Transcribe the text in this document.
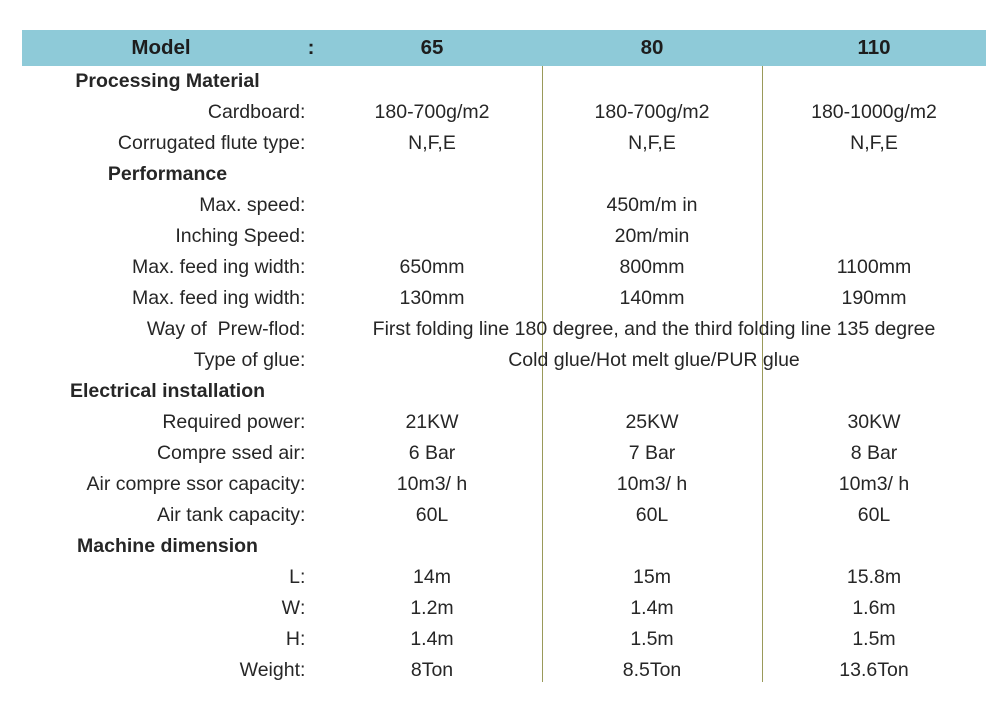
Model	:	65	80	110
Processing Material				
Cardboard	:	180-700g/m2	180-700g/m2	180-1000g/m2
Corrugated flute type	:	N,F,E	N,F,E	N,F,E
Performance				
Max. speed	:		450m/m in	
Inching Speed	:		20m/min	
Max. feed ing width	:	650mm	800mm	1100mm
Max. feed ing width	:	130mm	140mm	190mm
Way of  Prew-flod	:	First folding line 180 degree, and the third folding line 135 degree		
Type of glue	:	Cold glue/Hot melt glue/PUR glue		
Electrical installation				
Required power	:	21KW	25KW	30KW
Compre ssed air	:	6 Bar	7 Bar	8 Bar
Air compre ssor capacity	:	10m3/ h	10m3/ h	10m3/ h
Air tank capacity	:	60L	60L	60L
Machine dimension				
L	:	14m	15m	15.8m
W	:	1.2m	1.4m	1.6m
H	:	1.4m	1.5m	1.5m
Weight	:	8Ton	8.5Ton	13.6Ton
